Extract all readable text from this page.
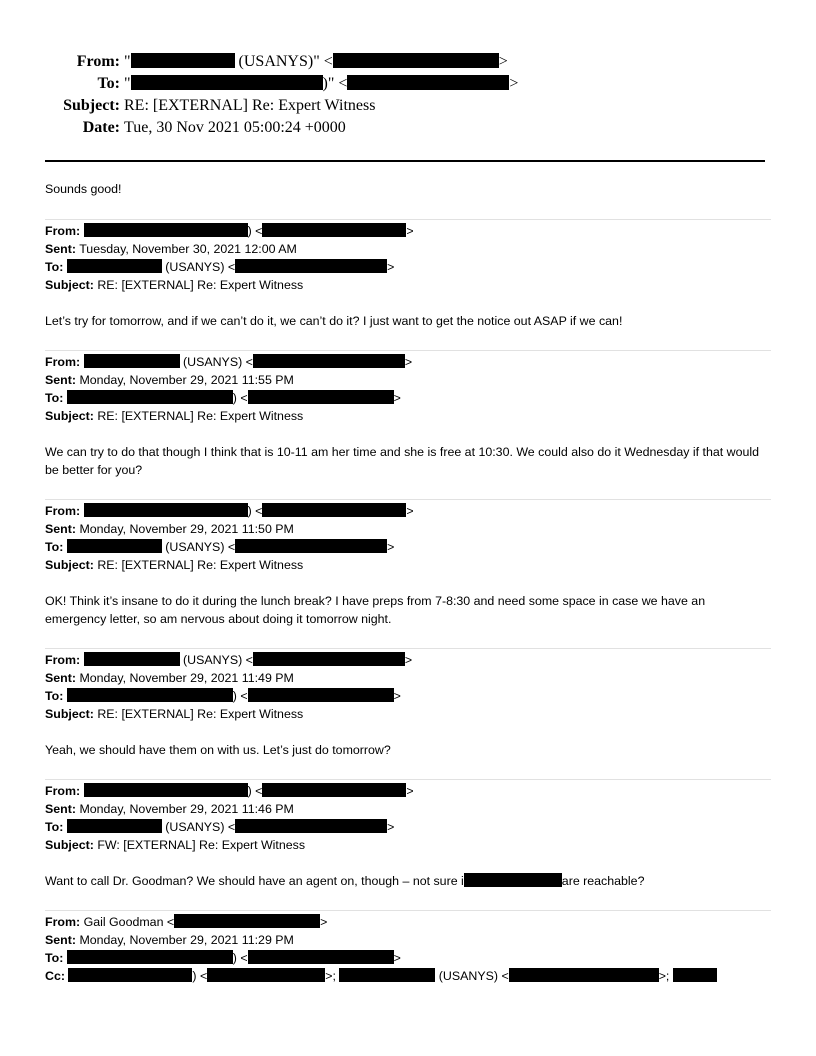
From: "	(USANYS)" <	>
To: "	)" <	>
Subject: RE: [EXTERNAL] Re: Expert Witness
Date: Tue, 30 Nov 2021 05:00:24 +0000
Sounds good!
From:	) <	>
Sent: Tuesday, November 30, 2021 12:00 AM
To:	(USANYS) <	>
Subject: RE: [EXTERNAL] Re: Expert Witness
Let’s try for tomorrow, and if we can’t do it, we can’t do it? I just want to get the notice out ASAP if we can!
From:	(USANYS) <	>
Sent: Monday, November 29, 2021 11:55 PM
To:	) <	>
Subject: RE: [EXTERNAL] Re: Expert Witness
We can try to do that though I think that is 10-11 am her time and she is free at 10:30. We could also do it Wednesday if that would be better for you?
From:	) <	>
Sent: Monday, November 29, 2021 11:50 PM
To:	(USANYS) <	>
Subject: RE: [EXTERNAL] Re: Expert Witness
OK! Think it’s insane to do it during the lunch break? I have preps from 7-8:30 and need some space in case we have an emergency letter, so am nervous about doing it tomorrow night.
From:	(USANYS) <	>
Sent: Monday, November 29, 2021 11:49 PM
To:	) <	>
Subject: RE: [EXTERNAL] Re: Expert Witness
Yeah, we should have them on with us. Let’s just do tomorrow?
From:	) <	>
Sent: Monday, November 29, 2021 11:46 PM
To:	(USANYS) <	>
Subject: FW: [EXTERNAL] Re: Expert Witness
Want to call Dr. Goodman? We should have an agent on, though – not sure i	are reachable?
From: Gail Goodman <	>
Sent: Monday, November 29, 2021 11:29 PM
To:	) <	>
Cc:	) <	>;	(USANYS) <	>;
